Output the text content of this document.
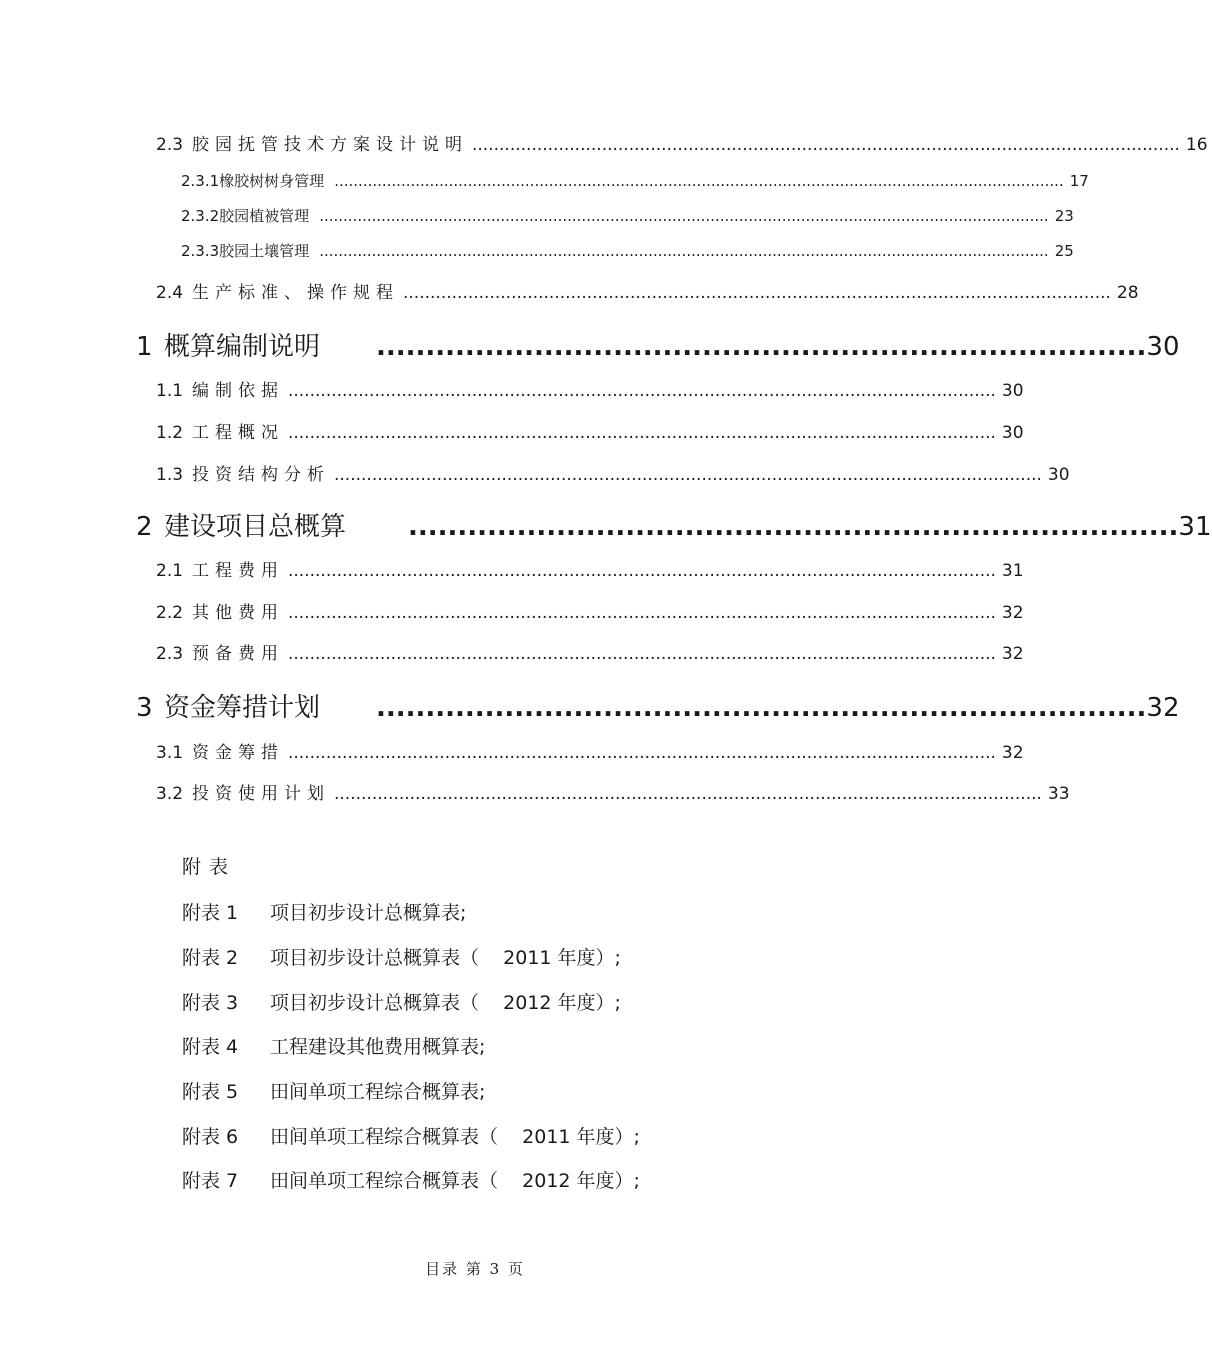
2.3 胶园抚管技术方案设计说明 ................................................................................................................................... 16
2.3.1 橡胶树树身管理 ......................................................................................................................................................... 17
2.3.2 胶园植被管理 ......................................................................................................................................................... 23
2.3.3 胶园土壤管理 ......................................................................................................................................................... 25
2.4 生产标准、操作规程 ................................................................................................................................... 28
1 概算编制说明 .............................................................................. 30
1.1 编制依据 ................................................................................................................................... 30
1.2 工程概况 ................................................................................................................................... 30
1.3 投资结构分析 ................................................................................................................................... 30
2 建设项目总概算 .............................................................................. 31
2.1 工程费用 ................................................................................................................................... 31
2.2 其他费用 ................................................................................................................................... 32
2.3 预备费用 ................................................................................................................................... 32
3 资金筹措计划 .............................................................................. 32
3.1 资金筹措 ................................................................................................................................... 32
3.2 投资使用计划 ................................................................................................................................... 33
附表
附表 1 项目初步设计总概算表;
附表 2 项目初步设计总概算表（    2011 年度）;
附表 3 项目初步设计总概算表（    2012 年度）;
附表 4 工程建设其他费用概算表;
附表 5 田间单项工程综合概算表;
附表 6 田间单项工程综合概算表（    2011 年度）;
附表 7 田间单项工程综合概算表（    2012 年度）;
目录 第 3 页
